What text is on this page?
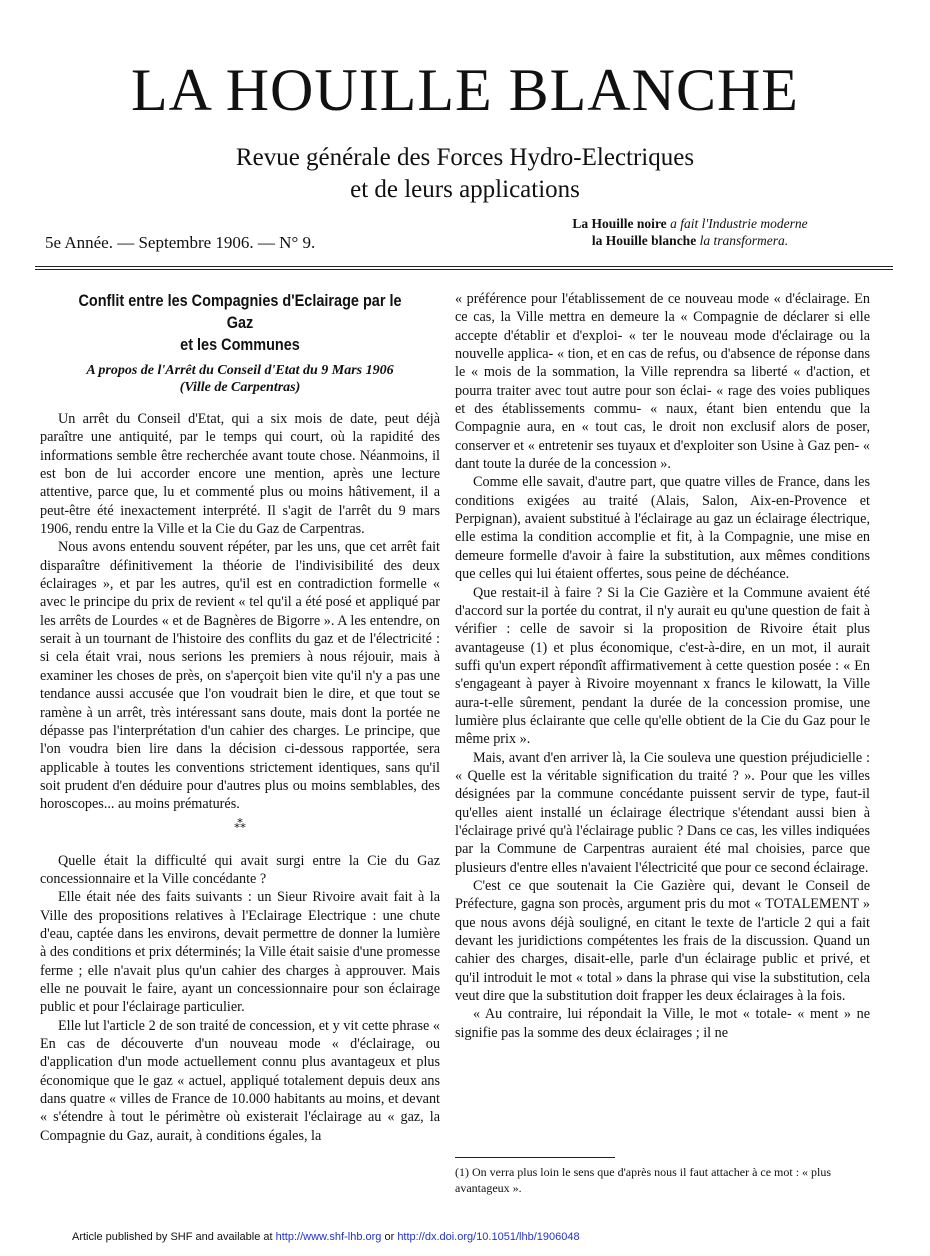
LA HOUILLE BLANCHE
Revue générale des Forces Hydro-Electriques
et de leurs applications
La Houille noire a fait l'Industrie moderne
la Houille blanche la transformera.
5e Année. — Septembre 1906. — N° 9.
Conflit entre les Compagnies d'Eclairage par le Gaz
et les Communes
A propos de l'Arrêt du Conseil d'Etat du 9 Mars 1906
(Ville de Carpentras)

Un arrêt du Conseil d'Etat, qui a six mois de date, peut déjà paraître une antiquité, par le temps qui court, où la rapidité des informations semble être recherchée avant toute chose. Néanmoins, il est bon de lui accorder encore une mention, après une lecture attentive, parce que, lu et commenté plus ou moins hâtivement, il a peut-être été inexactement interprété. Il s'agit de l'arrêt du 9 mars 1906, rendu entre la Ville et la Cie du Gaz de Carpentras.

Nous avons entendu souvent répéter, par les uns, que cet arrêt fait disparaître définitivement la théorie de l'indivisibilité des deux éclairages », et par les autres, qu'il est en contradiction formelle « avec le principe du prix de revient « tel qu'il a été posé et appliqué par les arrêts de Lourdes « et de Bagnères de Bigorre ». A les entendre, on serait à un tournant de l'histoire des conflits du gaz et de l'électricité : si cela était vrai, nous serions les premiers à nous réjouir, mais à examiner les choses de près, on s'aperçoit bien vite qu'il n'y a pas une tendance aussi accusée que l'on voudrait bien le dire, et que tout se ramène à un arrêt, très intéressant sans doute, mais dont la portée ne dépasse pas l'interprétation d'un cahier des charges. Le principe, que l'on voudra bien lire dans la décision ci-dessous rapportée, sera applicable à toutes les conventions strictement identiques, sans qu'il soit prudent d'en déduire pour d'autres plus ou moins semblables, des horoscopes... au moins prématurés.

⁂

Quelle était la difficulté qui avait surgi entre la Cie du Gaz concessionnaire et la Ville concédante ?

Elle était née des faits suivants : un Sieur Rivoire avait fait à la Ville des propositions relatives à l'Eclairage Electrique : une chute d'eau, captée dans les environs, devait permettre de donner la lumière à des conditions et prix déterminés; la Ville était saisie d'une promesse ferme ; elle n'avait plus qu'un cahier des charges à approuver. Mais elle ne pouvait le faire, ayant un concessionnaire pour son éclairage public et pour l'éclairage particulier.

Elle lut l'article 2 de son traité de concession, et y vit cette phrase « En cas de découverte d'un nouveau mode « d'éclairage, ou d'application d'un mode actuellement connu plus avantageux et plus économique que le gaz « actuel, appliqué totalement depuis deux ans dans quatre « villes de France de 10.000 habitants au moins, et devant « s'étendre à tout le périmètre où existerait l'éclairage au « gaz, la Compagnie du Gaz, aurait, à conditions égales, la

« préférence pour l'établissement de ce nouveau mode « d'éclairage. En ce cas, la Ville mettra en demeure la « Compagnie de déclarer si elle accepte d'établir et d'exploi- « ter le nouveau mode d'éclairage ou la nouvelle applica- « tion, et en cas de refus, ou d'absence de réponse dans le « mois de la sommation, la Ville reprendra sa liberté « d'action, et pourra traiter avec tout autre pour son éclai- « rage des voies publiques et des établissements commu- « naux, étant bien entendu que la Compagnie aura, en « tout cas, le droit non exclusif alors de poser, conserver et « entretenir ses tuyaux et d'exploiter son Usine à Gaz pen- « dant toute la durée de la concession ».

Comme elle savait, d'autre part, que quatre villes de France, dans les conditions exigées au traité (Alais, Salon, Aix-en-Provence et Perpignan), avaient substitué à l'éclairage au gaz un éclairage électrique, elle estima la condition accomplie et fit, à la Compagnie, une mise en demeure formelle d'avoir à faire la substitution, aux mêmes conditions que celles qui lui étaient offertes, sous peine de déchéance.

Que restait-il à faire ? Si la Cie Gazière et la Commune avaient été d'accord sur la portée du contrat, il n'y aurait eu qu'une question de fait à vérifier : celle de savoir si la proposition de Rivoire était plus avantageuse (1) et plus économique, c'est-à-dire, en un mot, il aurait suffi qu'un expert répondît affirmativement à cette question posée : « En s'engageant à payer à Rivoire moyennant x francs le kilowatt, la Ville aura-t-elle sûrement, pendant la durée de la concession promise, une lumière plus éclairante que celle qu'elle obtient de la Cie du Gaz pour le même prix ».

Mais, avant d'en arriver là, la Cie souleva une question préjudicielle : « Quelle est la véritable signification du traité ? ». Pour que les villes désignées par la commune concédante puissent servir de type, faut-il qu'elles aient installé un éclairage électrique s'étendant aussi bien à l'éclairage privé qu'à l'éclairage public ? Dans ce cas, les villes indiquées par la Commune de Carpentras auraient été mal choisies, parce que plusieurs d'entre elles n'avaient l'électricité que pour ce second éclairage.

C'est ce que soutenait la Cie Gazière qui, devant le Conseil de Préfecture, gagna son procès, argument pris du mot « TOTALEMENT » que nous avons déjà souligné, en citant le texte de l'article 2 qui a fait devant les juridictions compétentes les frais de la discussion. Quand un cahier des charges, disait-elle, parle d'un éclairage public et privé, et qu'il introduit le mot « total » dans la phrase qui vise la substitution, cela veut dire que la substitution doit frapper les deux éclairages à la fois.

« Au contraire, lui répondait la Ville, le mot « totale- « ment » ne signifie pas la somme des deux éclairages ; il ne

(1) On verra plus loin le sens que d'après nous il faut attacher à ce mot : « plus avantageux ».
Article published by SHF and available at http://www.shf-lhb.org or http://dx.doi.org/10.1051/lhb/1906048
